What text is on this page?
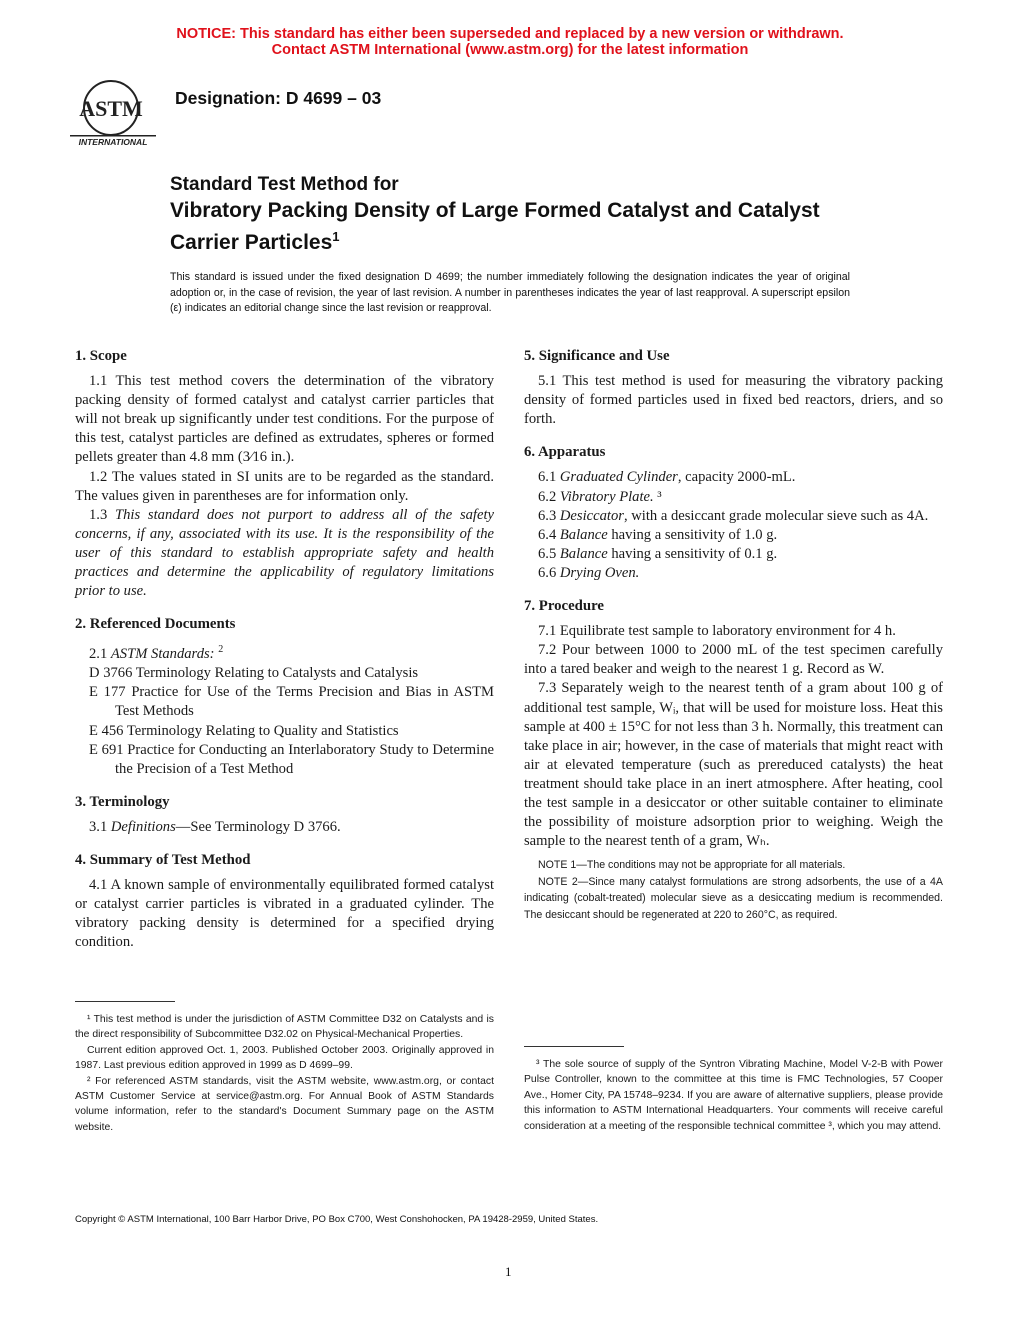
NOTICE: This standard has either been superseded and replaced by a new version or withdrawn.
Contact ASTM International (www.astm.org) for the latest information
ASTM
INTERNATIONAL
Designation: D 4699 – 03
Standard Test Method for
Vibratory Packing Density of Large Formed Catalyst and Catalyst Carrier Particles$^1$
This standard is issued under the fixed designation D 4699; the number immediately following the designation indicates the year of original adoption or, in the case of revision, the year of last revision. A number in parentheses indicates the year of last reapproval. A superscript epsilon (ε) indicates an editorial change since the last revision or reapproval.
1. Scope

1.1 This test method covers the determination of the vibratory packing density of formed catalyst and catalyst carrier particles that will not break up significantly under test conditions. For the purpose of this test, catalyst particles are defined as extrudates, spheres or formed pellets greater than 4.8 mm (3⁄16 in.).

1.2 The values stated in SI units are to be regarded as the standard. The values given in parentheses are for information only.

1.3 This standard does not purport to address all of the safety concerns, if any, associated with its use. It is the responsibility of the user of this standard to establish appropriate safety and health practices and determine the applicability of regulatory limitations prior to use.

2. Referenced Documents

2.1 ASTM Standards: $^2$

D 3766 Terminology Relating to Catalysts and Catalysis

E 177 Practice for Use of the Terms Precision and Bias in ASTM Test Methods

E 456 Terminology Relating to Quality and Statistics

E 691 Practice for Conducting an Interlaboratory Study to Determine the Precision of a Test Method

3. Terminology

3.1 Definitions—See Terminology D 3766.

4. Summary of Test Method

4.1 A known sample of environmentally equilibrated formed catalyst or catalyst carrier particles is vibrated in a graduated cylinder. The vibratory packing density is determined for a specified drying condition.

¹ This test method is under the jurisdiction of ASTM Committee D32 on Catalysts and is the direct responsibility of Subcommittee D32.02 on Physical-Mechanical Properties.

Current edition approved Oct. 1, 2003. Published October 2003. Originally approved in 1987. Last previous edition approved in 1999 as D 4699–99.

² For referenced ASTM standards, visit the ASTM website, www.astm.org, or contact ASTM Customer Service at service@astm.org. For Annual Book of ASTM Standards volume information, refer to the standard's Document Summary page on the ASTM website.

5. Significance and Use

5.1 This test method is used for measuring the vibratory packing density of formed particles used in fixed bed reactors, driers, and so forth.

6. Apparatus

6.1 Graduated Cylinder, capacity 2000-mL.

6.2 Vibratory Plate. ³

6.3 Desiccator, with a desiccant grade molecular sieve such as 4A.

6.4 Balance having a sensitivity of 1.0 g.

6.5 Balance having a sensitivity of 0.1 g.

6.6 Drying Oven.

7. Procedure

7.1 Equilibrate test sample to laboratory environment for 4 h.

7.2 Pour between 1000 to 2000 mL of the test specimen carefully into a tared beaker and weigh to the nearest 1 g. Record as W.

7.3 Separately weigh to the nearest tenth of a gram about 100 g of additional test sample, Wᵢ, that will be used for moisture loss. Heat this sample at 400 ± 15°C for not less than 3 h. Normally, this treatment can take place in air; however, in the case of materials that might react with air at elevated temperature (such as prereduced catalysts) the heat treatment should take place in an inert atmosphere. After heating, cool the test sample in a desiccator or other suitable container to eliminate the possibility of moisture adsorption prior to weighing. Weigh the sample to the nearest tenth of a gram, Wₕ.

NOTE 1—The conditions may not be appropriate for all materials.

NOTE 2—Since many catalyst formulations are strong adsorbents, the use of a 4A indicating (cobalt-treated) molecular sieve as a desiccating medium is recommended. The desiccant should be regenerated at 220 to 260°C, as required.

³ The sole source of supply of the Syntron Vibrating Machine, Model V-2-B with Power Pulse Controller, known to the committee at this time is FMC Technologies, 57 Cooper Ave., Homer City, PA 15748–9234. If you are aware of alternative suppliers, please provide this information to ASTM International Headquarters. Your comments will receive careful consideration at a meeting of the responsible technical committee ³, which you may attend.

Copyright © ASTM International, 100 Barr Harbor Drive, PO Box C700, West Conshohocken, PA 19428-2959, United States.
1
